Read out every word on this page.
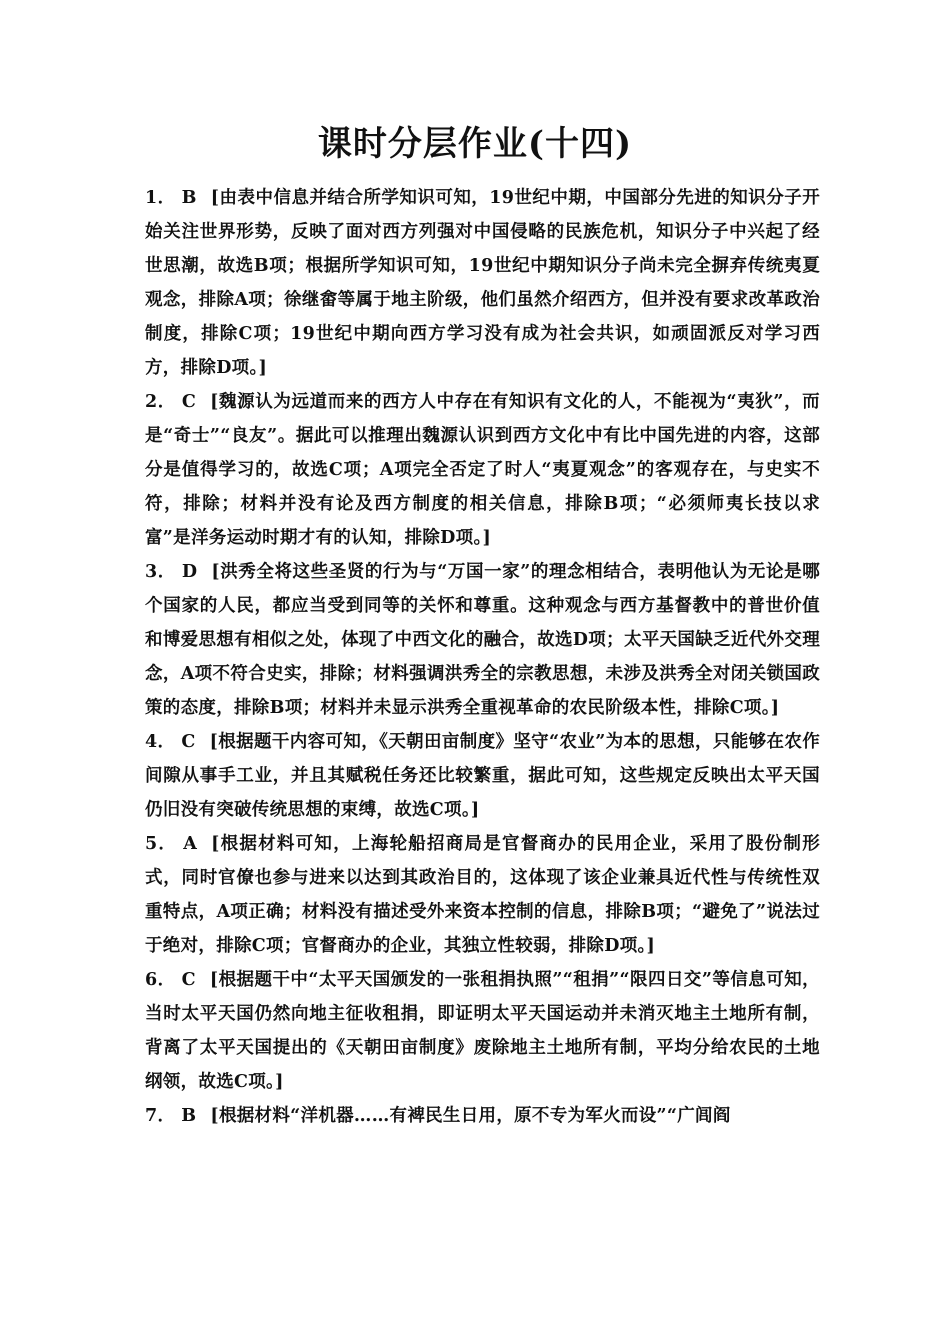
课时分层作业(十四)

1． B [由表中信息并结合所学知识可知，19世纪中期，中国部分先进的知识分子开始关注世界形势，反映了面对西方列强对中国侵略的民族危机，知识分子中兴起了经世思潮，故选B项；根据所学知识可知，19世纪中期知识分子尚未完全摒弃传统夷夏观念，排除A项；徐继畲等属于地主阶级，他们虽然介绍西方，但并没有要求改革政治制度，排除C项；19世纪中期向西方学习没有成为社会共识，如顽固派反对学习西方，排除D项。]

2． C [魏源认为远道而来的西方人中存在有知识有文化的人，不能视为“夷狄”，而是“奇士”“良友”。据此可以推理出魏源认识到西方文化中有比中国先进的内容，这部分是值得学习的，故选C项；A项完全否定了时人“夷夏观念”的客观存在，与史实不符，排除；材料并没有论及西方制度的相关信息，排除B项；“必须师夷长技以求富”是洋务运动时期才有的认知，排除D项。]

3． D [洪秀全将这些圣贤的行为与“万国一家”的理念相结合，表明他认为无论是哪个国家的人民，都应当受到同等的关怀和尊重。这种观念与西方基督教中的普世价值和博爱思想有相似之处，体现了中西文化的融合，故选D项；太平天国缺乏近代外交理念，A项不符合史实，排除；材料强调洪秀全的宗教思想，未涉及洪秀全对闭关锁国政策的态度，排除B项；材料并未显示洪秀全重视革命的农民阶级本性，排除C项。]

4． C [根据题干内容可知，《天朝田亩制度》坚守“农业”为本的思想，只能够在农作间隙从事手工业，并且其赋税任务还比较繁重，据此可知，这些规定反映出太平天国仍旧没有突破传统思想的束缚，故选C项。]

5． A [根据材料可知，上海轮船招商局是官督商办的民用企业，采用了股份制形式，同时官僚也参与进来以达到其政治目的，这体现了该企业兼具近代性与传统性双重特点，A项正确；材料没有描述受外来资本控制的信息，排除B项；“避免了”说法过于绝对，排除C项；官督商办的企业，其独立性较弱，排除D项。]

6． C [根据题干中“太平天国颁发的一张租捐执照”“租捐”“限四日交”等信息可知，当时太平天国仍然向地主征收租捐，即证明太平天国运动并未消灭地主土地所有制，背离了太平天国提出的《天朝田亩制度》废除地主土地所有制，平均分给农民的土地纲领，故选C项。]

7． B [根据材料“洋机器……有裨民生日用，原不专为军火而设”“广闾阎
